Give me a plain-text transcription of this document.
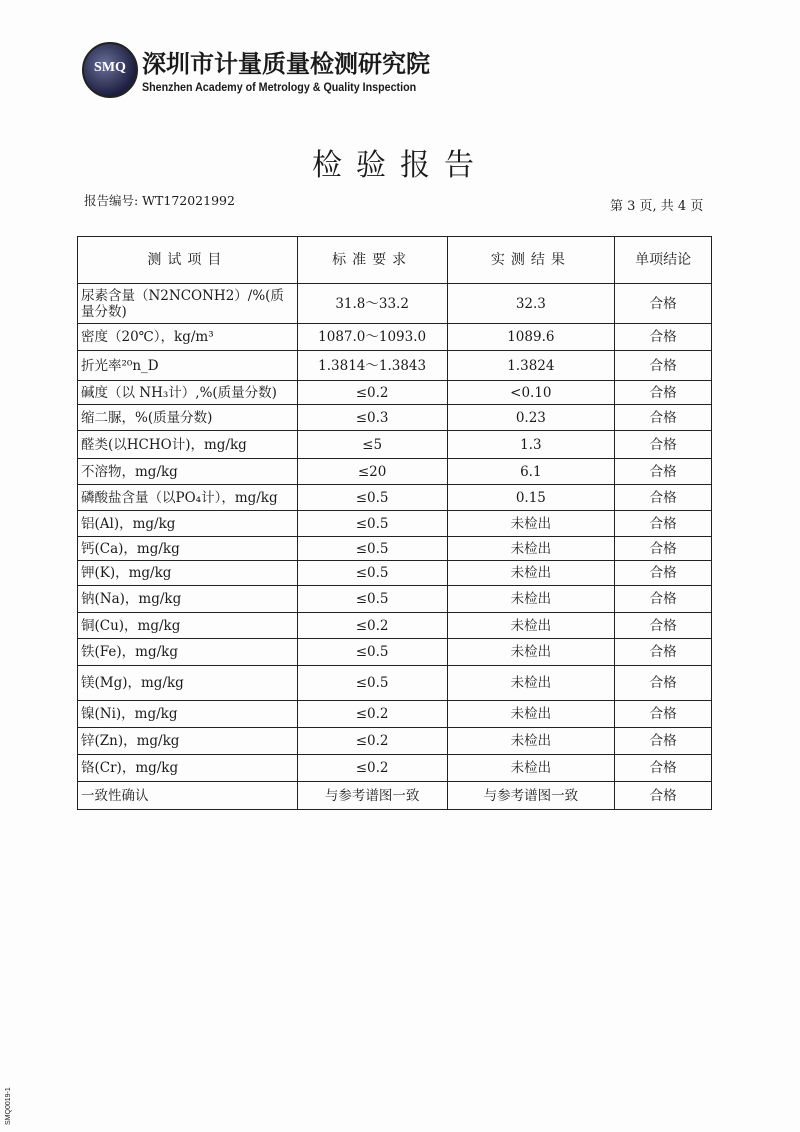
SMQ 深圳市计量质量检测研究院
Shenzhen Academy of Metrology & Quality Inspection
检验报告
报告编号: WT172021992	第 3 页, 共 4 页
测试项目	标准要求	实测结果	单项结论
尿素含量（N2NCONH2）/%(质量分数)	31.8～33.2	32.3	合格
密度（20℃），kg/m³	1087.0～1093.0	1089.6	合格
折光率²⁰n_D	1.3814～1.3843	1.3824	合格
碱度（以 NH₃计）,%(质量分数)	≤0.2	<0.10	合格
缩二脲，%(质量分数)	≤0.3	0.23	合格
醛类(以HCHO计)，mg/kg	≤5	1.3	合格
不溶物，mg/kg	≤20	6.1	合格
磷酸盐含量（以PO₄计），mg/kg	≤0.5	0.15	合格
铝(Al)，mg/kg	≤0.5	未检出	合格
钙(Ca)，mg/kg	≤0.5	未检出	合格
钾(K)，mg/kg	≤0.5	未检出	合格
钠(Na)，mg/kg	≤0.5	未检出	合格
铜(Cu)，mg/kg	≤0.2	未检出	合格
铁(Fe)，mg/kg	≤0.5	未检出	合格
镁(Mg)，mg/kg	≤0.5	未检出	合格
镍(Ni)，mg/kg	≤0.2	未检出	合格
锌(Zn)，mg/kg	≤0.2	未检出	合格
铬(Cr)，mg/kg	≤0.2	未检出	合格
一致性确认	与参考谱图一致	与参考谱图一致	合格
SMQ0019-1
